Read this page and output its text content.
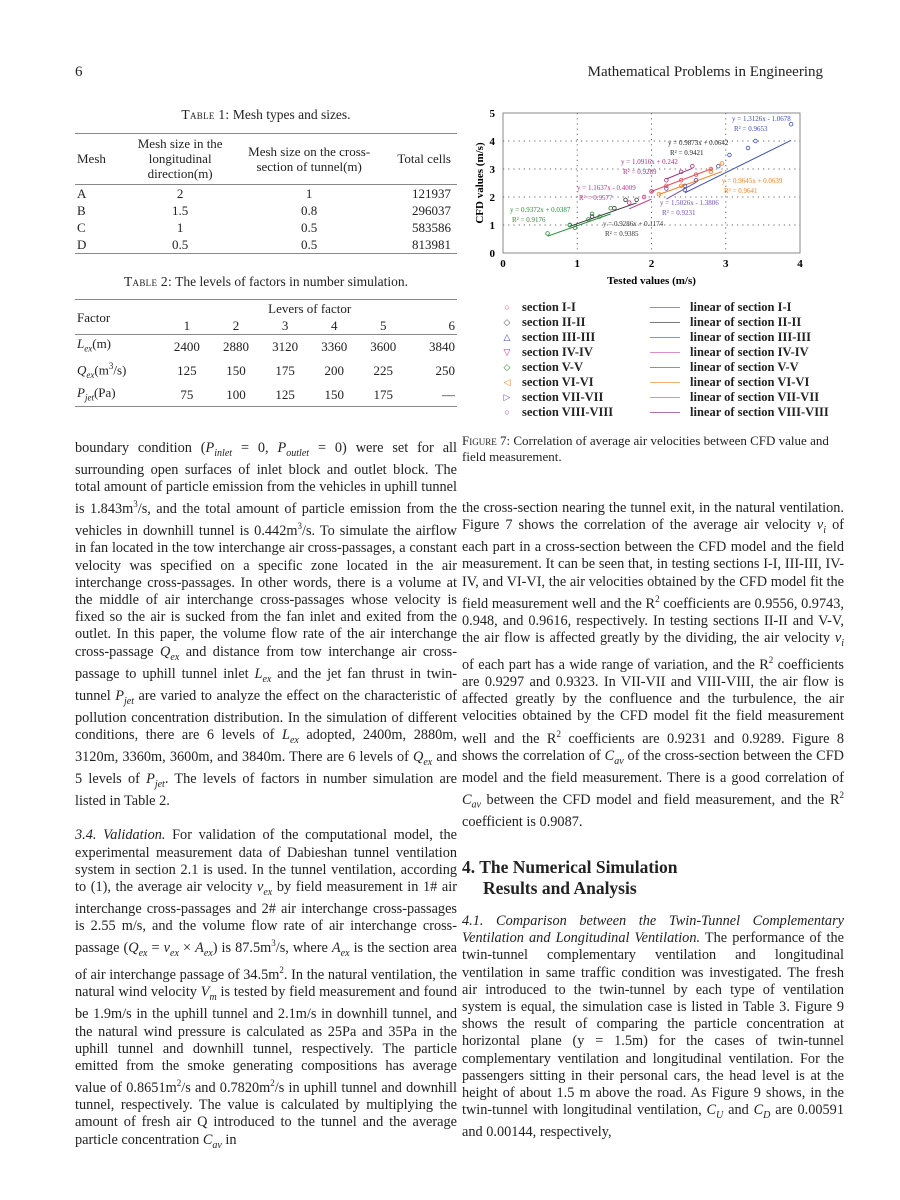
6	Mathematical Problems in Engineering

Table 1: Mesh types and sizes.

Mesh	Mesh size in the longitudinal direction(m)	Mesh size on the cross-section of tunnel(m)	Total cells
A	2	1	121937
B	1.5	0.8	296037
C	1	0.5	583586
D	0.5	0.5	813981

Table 2: The levels of factors in number simulation.

Factor	Levers of factor					
	1	2	3	4	5	6
$L_{ex}(m)$	2400	2880	3120	3360	3600	3840
$Q_{ex}(m^3/s)$	125	150	175	200	225	250
$P_{jet}(Pa)$	75	100	125	150	175	—

boundary condition ($P_{inlet} = 0$, $P_{outlet} = 0$) were set for all surrounding open surfaces of inlet block and outlet block. The total amount of particle emission from the vehicles in uphill tunnel is $1.843m^3/s$, and the total amount of particle emission from the vehicles in downhill tunnel is $0.442m^3/s$. To simulate the airflow in fan located in the tow interchange air cross-passages, a constant velocity was specified on a specific zone located in the air interchange cross-passages. In other words, there is a volume at the middle of air interchange cross-passages whose velocity is fixed so the air is sucked from the fan inlet and exited from the outlet. In this paper, the volume flow rate of the air interchange cross-passage $Q_{ex}$ and distance from tow interchange air cross-passage to uphill tunnel inlet $L_{ex}$ and the jet fan thrust in twin-tunnel $P_{jet}$ are varied to analyze the effect on the characteristic of pollution concentration distribution. In the simulation of different conditions, there are 6 levels of $L_{ex}$ adopted, 2400m, 2880m, 3120m, 3360m, 3600m, and 3840m. There are 6 levels of $Q_{ex}$ and 5 levels of $P_{jet}$. The levels of factors in number simulation are listed in Table 2.

3.4. Validation. For validation of the computational model, the experimental measurement data of Dabieshan tunnel ventilation system in section 2.1 is used. In the tunnel ventilation, according to (1), the average air velocity $v_{ex}$ by field measurement in 1# air interchange cross-passages and 2# air interchange cross-passages is 2.55 m/s, and the volume flow rate of air interchange cross-passage $(Q_{ex} = v_{ex} \times A_{ex})$ is $87.5m^3/s$, where $A_{ex}$ is the section area of air interchange passage of $34.5m^2$. In the natural ventilation, the natural wind velocity $V_m$ is tested by field measurement and found be 1.9m/s in the uphill tunnel and 2.1m/s in downhill tunnel, and the natural wind pressure is calculated as 25Pa and 35Pa in the uphill tunnel and downhill tunnel, respectively. The particle emitted from the smoke generating compositions has average value of $0.8651m^2/s$ and $0.7820m^2/s$ in uphill tunnel and downhill tunnel, respectively. The value is calculated by multiplying the amount of fresh air Q introduced to the tunnel and the average particle concentration $C_{av}$ in

0
1
2
3
4
5
0	1	2	3	4
Tested values (m/s)
CFD values (m/s)
y = 1.3126x - 1.0678
R² = 0.9653
y = 1.0916x + 0.242
R² = 0.9289
y = 1.1637x - 0.4009
R² = 0.9577
y = 0.9372x + 0.0387
R² = 0.9176	y = 0.9286x + 0.1174
R² = 0.9385
y = 0.9645x + 0.0639
R² = 0.9641
y = 1.5026x - 1.3806
R² = 0.9231
y = 0.9873x + 0.0642
R² = 0.9421
○ section I-I	linear of section I-I
◇ section II-II	linear of section II-II
△ section III-III	linear of section III-III
▽ section IV-IV	linear of section IV-IV
◇ section V-V	linear of section V-V
◁ section VI-VI	linear of section VI-VI
▷ section VII-VII	linear of section VII-VII
○ section VIII-VIII	linear of section VIII-VIII

Figure 7: Correlation of average air velocities between CFD value and field measurement.

the cross-section nearing the tunnel exit, in the natural ventilation. Figure 7 shows the correlation of the average air velocity $v_i$ of each part in a cross-section between the CFD model and the field measurement. It can be seen that, in testing sections I-I, III-III, IV-IV, and VI-VI, the air velocities obtained by the CFD model fit the field measurement well and the $R^2$ coefficients are 0.9556, 0.9743, 0.948, and 0.9616, respectively. In testing sections II-II and V-V, the air flow is affected greatly by the dividing, the air velocity $v_i$ of each part has a wide range of variation, and the $R^2$ coefficients are 0.9297 and 0.9323. In VII-VII and VIII-VIII, the air flow is affected greatly by the confluence and the turbulence, the air velocities obtained by the CFD model fit the field measurement well and the $R^2$ coefficients are 0.9231 and 0.9289. Figure 8 shows the correlation of $C_{av}$ of the cross-section between the CFD model and the field measurement. There is a good correlation of $C_{av}$ between the CFD model and field measurement, and the $R^2$ coefficient is 0.9087.

4. The Numerical Simulation
Results and Analysis

4.1. Comparison between the Twin-Tunnel Complementary Ventilation and Longitudinal Ventilation. The performance of the twin-tunnel complementary ventilation and longitudinal ventilation in same traffic condition was investigated. The fresh air introduced to the twin-tunnel by each type of ventilation system is equal, the simulation case is listed in Table 3. Figure 9 shows the result of comparing the particle concentration at horizontal plane (y = 1.5m) for the cases of twin-tunnel complementary ventilation and longitudinal ventilation. For the passengers sitting in their personal cars, the head level is at the height of about 1.5 m above the road. As Figure 9 shows, in the twin-tunnel with longitudinal ventilation, $C_U$ and $C_D$ are 0.00591 and 0.00144, respectively,
